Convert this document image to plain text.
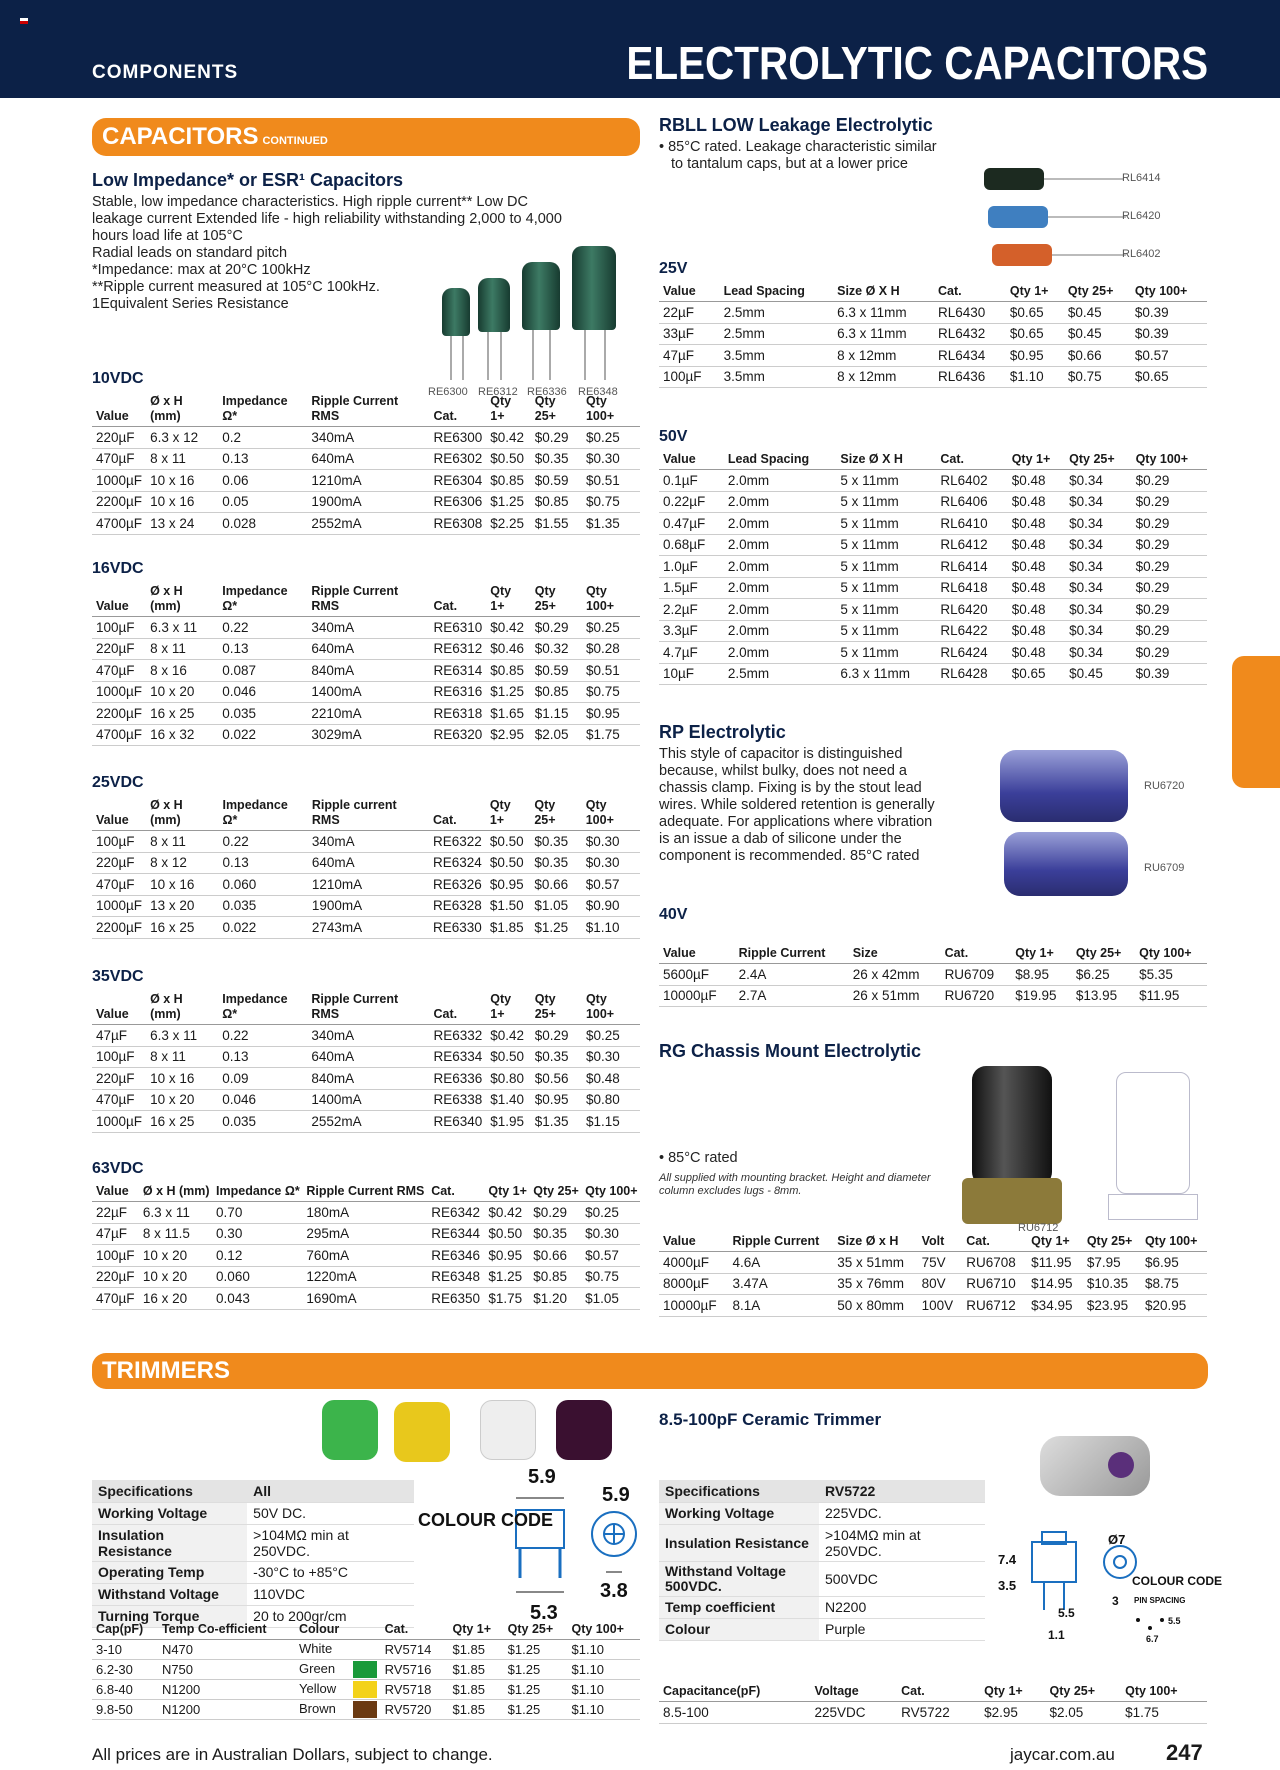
COMPONENTS	ELECTROLYTIC CAPACITORS
CAPACITORS CONTINUED
Low Impedance* or ESR¹ Capacitors
Stable, low impedance characteristics. High ripple current** Low DC
leakage current Extended life - high reliability withstanding 2,000 to 4,000
hours load life at 105°C
Radial leads on standard pitch
*Impedance: max at 20°C 100kHz
**Ripple current measured at 105°C 100kHz.
1Equivalent Series Resistance
RE6300 RE6312 RE6336 RE6348
10VDC
Value	Ø x H (mm)	Impedance Ω*	Ripple Current RMS	Cat.	Qty 1+	Qty 25+	Qty 100+
220µF	6.3 x 12	0.2	340mA	RE6300	$0.42	$0.29	$0.25
470µF	8 x 11	0.13	640mA	RE6302	$0.50	$0.35	$0.30
1000µF	10 x 16	0.06	1210mA	RE6304	$0.85	$0.59	$0.51
2200µF	10 x 16	0.05	1900mA	RE6306	$1.25	$0.85	$0.75
4700µF	13 x 24	0.028	2552mA	RE6308	$2.25	$1.55	$1.35
16VDC
Value	Ø x H (mm)	Impedance Ω*	Ripple Current RMS	Cat.	Qty 1+	Qty 25+	Qty 100+
100µF	6.3 x 11	0.22	340mA	RE6310	$0.42	$0.29	$0.25
220µF	8 x 11	0.13	640mA	RE6312	$0.46	$0.32	$0.28
470µF	8 x 16	0.087	840mA	RE6314	$0.85	$0.59	$0.51
1000µF	10 x 20	0.046	1400mA	RE6316	$1.25	$0.85	$0.75
2200µF	16 x 25	0.035	2210mA	RE6318	$1.65	$1.15	$0.95
4700µF	16 x 32	0.022	3029mA	RE6320	$2.95	$2.05	$1.75
25VDC
Value	Ø x H (mm)	Impedance Ω*	Ripple current RMS	Cat.	Qty 1+	Qty 25+	Qty 100+
100µF	8 x 11	0.22	340mA	RE6322	$0.50	$0.35	$0.30
220µF	8 x 12	0.13	640mA	RE6324	$0.50	$0.35	$0.30
470µF	10 x 16	0.060	1210mA	RE6326	$0.95	$0.66	$0.57
1000µF	13 x 20	0.035	1900mA	RE6328	$1.50	$1.05	$0.90
2200µF	16 x 25	0.022	2743mA	RE6330	$1.85	$1.25	$1.10
35VDC
Value	Ø x H (mm)	Impedance Ω*	Ripple Current RMS	Cat.	Qty 1+	Qty 25+	Qty 100+
47µF	6.3 x 11	0.22	340mA	RE6332	$0.42	$0.29	$0.25
100µF	8 x 11	0.13	640mA	RE6334	$0.50	$0.35	$0.30
220µF	10 x 16	0.09	840mA	RE6336	$0.80	$0.56	$0.48
470µF	10 x 20	0.046	1400mA	RE6338	$1.40	$0.95	$0.80
1000µF	16 x 25	0.035	2552mA	RE6340	$1.95	$1.35	$1.15
63VDC
Value	Ø x H (mm)	Impedance Ω*	Ripple Current RMS	Cat.	Qty 1+	Qty 25+	Qty 100+
22µF	6.3 x 11	0.70	180mA	RE6342	$0.42	$0.29	$0.25
47µF	8 x 11.5	0.30	295mA	RE6344	$0.50	$0.35	$0.30
100µF	10 x 20	0.12	760mA	RE6346	$0.95	$0.66	$0.57
220µF	10 x 20	0.060	1220mA	RE6348	$1.25	$0.85	$0.75
470µF	16 x 20	0.043	1690mA	RE6350	$1.75	$1.20	$1.05
RBLL LOW Leakage Electrolytic
• 85°C rated. Leakage characteristic similar
to tantalum caps, but at a lower price
RL6414
RL6420
RL6402
25V
Value	Lead Spacing	Size Ø X H	Cat.	Qty 1+	Qty 25+	Qty 100+
22µF	2.5mm	6.3 x 11mm	RL6430	$0.65	$0.45	$0.39
33µF	2.5mm	6.3 x 11mm	RL6432	$0.65	$0.45	$0.39
47µF	3.5mm	8 x 12mm	RL6434	$0.95	$0.66	$0.57
100µF	3.5mm	8 x 12mm	RL6436	$1.10	$0.75	$0.65
50V
Value	Lead Spacing	Size Ø X H	Cat.	Qty 1+	Qty 25+	Qty 100+
0.1µF	2.0mm	5 x 11mm	RL6402	$0.48	$0.34	$0.29
0.22µF	2.0mm	5 x 11mm	RL6406	$0.48	$0.34	$0.29
0.47µF	2.0mm	5 x 11mm	RL6410	$0.48	$0.34	$0.29
0.68µF	2.0mm	5 x 11mm	RL6412	$0.48	$0.34	$0.29
1.0µF	2.0mm	5 x 11mm	RL6414	$0.48	$0.34	$0.29
1.5µF	2.0mm	5 x 11mm	RL6418	$0.48	$0.34	$0.29
2.2µF	2.0mm	5 x 11mm	RL6420	$0.48	$0.34	$0.29
3.3µF	2.0mm	5 x 11mm	RL6422	$0.48	$0.34	$0.29
4.7µF	2.0mm	5 x 11mm	RL6424	$0.48	$0.34	$0.29
10µF	2.5mm	6.3 x 11mm	RL6428	$0.65	$0.45	$0.39
RP Electrolytic
This style of capacitor is distinguished
because, whilst bulky, does not need a
chassis clamp. Fixing is by the stout lead
wires. While soldered retention is generally
adequate. For applications where vibration
is an issue a dab of silicone under the
component is recommended. 85°C rated
RU6720
RU6709
40V
Value	Ripple Current	Size	Cat.	Qty 1+	Qty 25+	Qty 100+
5600µF	2.4A	26 x 42mm	RU6709	$8.95	$6.25	$5.35
10000µF	2.7A	26 x 51mm	RU6720	$19.95	$13.95	$11.95
RG Chassis Mount Electrolytic
RU6712
• 85°C rated
All supplied with mounting bracket. Height and diameter
column excludes lugs - 8mm.
Value	Ripple Current	Size Ø x H	Volt	Cat.	Qty 1+	Qty 25+	Qty 100+
4000µF	4.6A	35 x 51mm	75V	RU6708	$11.95	$7.95	$6.95
8000µF	3.47A	35 x 76mm	80V	RU6710	$14.95	$10.35	$8.75
10000µF	8.1A	50 x 80mm	100V	RU6712	$34.95	$23.95	$20.95
TRIMMERS
Specifications	All
Working Voltage	50V DC.
Insulation Resistance	>104MΩ min at 250VDC.
Operating Temp	-30°C to +85°C
Withstand Voltage	110VDC
Turning Torque	20 to 200gr/cm
COLOUR CODE
5.9
5.9
5.3
3.8
Cap(pF)	Temp Co-efficient	Colour	Cat.	Qty 1+	Qty 25+	Qty 100+
3-10	N470	White	RV5714	$1.85	$1.25	$1.10
6.2-30	N750	Green	RV5716	$1.85	$1.25	$1.10
6.8-40	N1200	Yellow	RV5718	$1.85	$1.25	$1.10
9.8-50	N1200	Brown	RV5720	$1.85	$1.25	$1.10
8.5-100pF Ceramic Trimmer
Specifications	RV5722
Working Voltage	225VDC.
Insulation Resistance	>104MΩ min at 250VDC.
Withstand Voltage 500VDC.	500VDC
Temp coefficient	N2200
Colour	Purple
7.4
3.5
5.5
1.1
Ø7
3
COLOUR CODE
PIN SPACING
5.5
6.7
Capacitance(pF)	Voltage	Cat.	Qty 1+	Qty 25+	Qty 100+
8.5-100	225VDC	RV5722	$2.95	$2.05	$1.75
All prices are in Australian Dollars, subject to change.	jaycar.com.au 247
